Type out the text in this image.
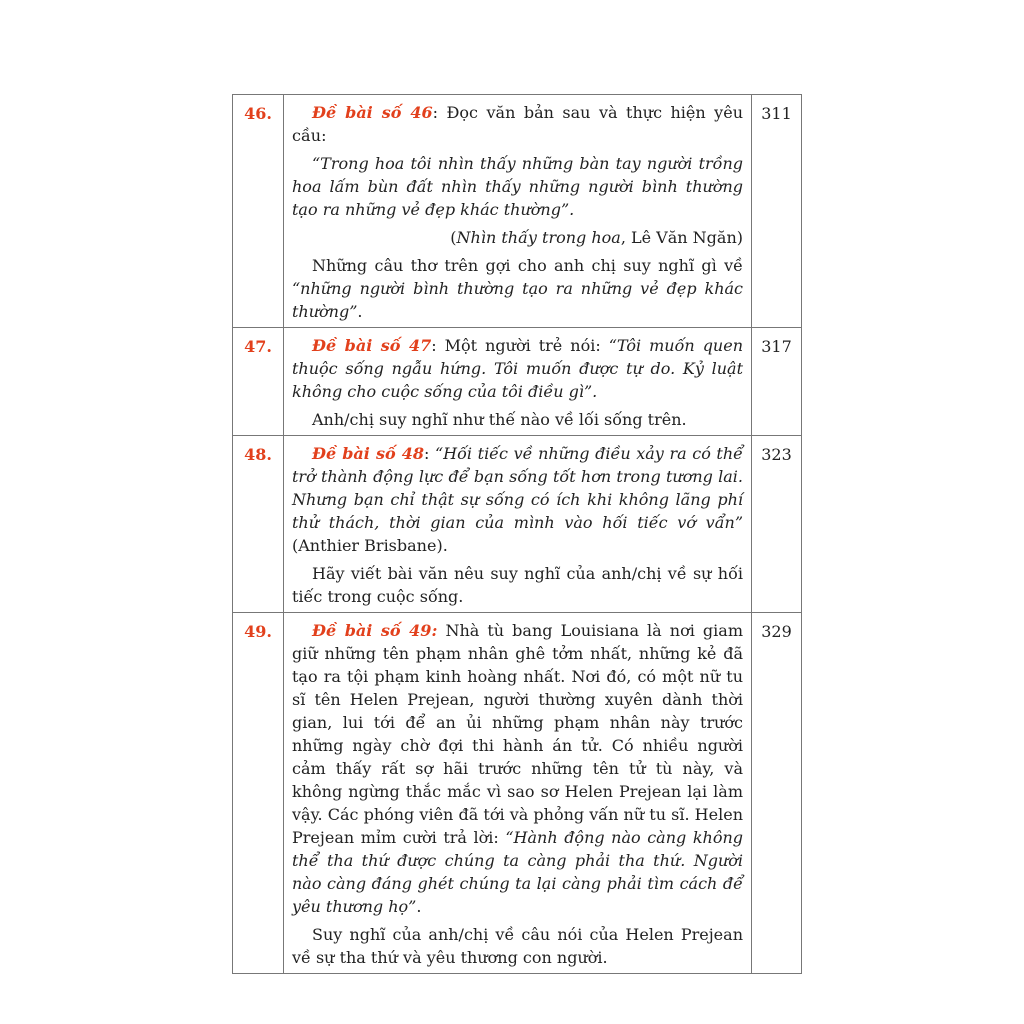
46.	Đề bài số 46: Đọc văn bản sau và thực hiện yêu cầu:

“Trong hoa tôi nhìn thấy những bàn tay người trồng hoa lấm bùn đất nhìn thấy những người bình thường tạo ra những vẻ đẹp khác thường”.

(Nhìn thấy trong hoa, Lê Văn Ngăn)

Những câu thơ trên gợi cho anh chị suy nghĩ gì về “những người bình thường tạo ra những vẻ đẹp khác thường”.	311
47.	Đề bài số 47: Một người trẻ nói: “Tôi muốn quen thuộc sống ngẫu hứng. Tôi muốn được tự do. Kỷ luật không cho cuộc sống của tôi điều gì”.

Anh/chị suy nghĩ như thế nào về lối sống trên.	317
48.	Đề bài số 48: “Hối tiếc về những điều xảy ra có thể trở thành động lực để bạn sống tốt hơn trong tương lai. Nhưng bạn chỉ thật sự sống có ích khi không lãng phí thử thách, thời gian của mình vào hối tiếc vớ vẩn” (Anthier Brisbane).

Hãy viết bài văn nêu suy nghĩ của anh/chị về sự hối tiếc trong cuộc sống.	323
49.	Đề bài số 49: Nhà tù bang Louisiana là nơi giam giữ những tên phạm nhân ghê tởm nhất, những kẻ đã tạo ra tội phạm kinh hoàng nhất. Nơi đó, có một nữ tu sĩ tên Helen Prejean, người thường xuyên dành thời gian, lui tới để an ủi những phạm nhân này trước những ngày chờ đợi thi hành án tử. Có nhiều người cảm thấy rất sợ hãi trước những tên tử tù này, và không ngừng thắc mắc vì sao sơ Helen Prejean lại làm vậy. Các phóng viên đã tới và phỏng vấn nữ tu sĩ. Helen Prejean mỉm cười trả lời: “Hành động nào càng không thể tha thứ được chúng ta càng phải tha thứ. Người nào càng đáng ghét chúng ta lại càng phải tìm cách để yêu thương họ”.

Suy nghĩ của anh/chị về câu nói của Helen Prejean về sự tha thứ và yêu thương con người.	329
